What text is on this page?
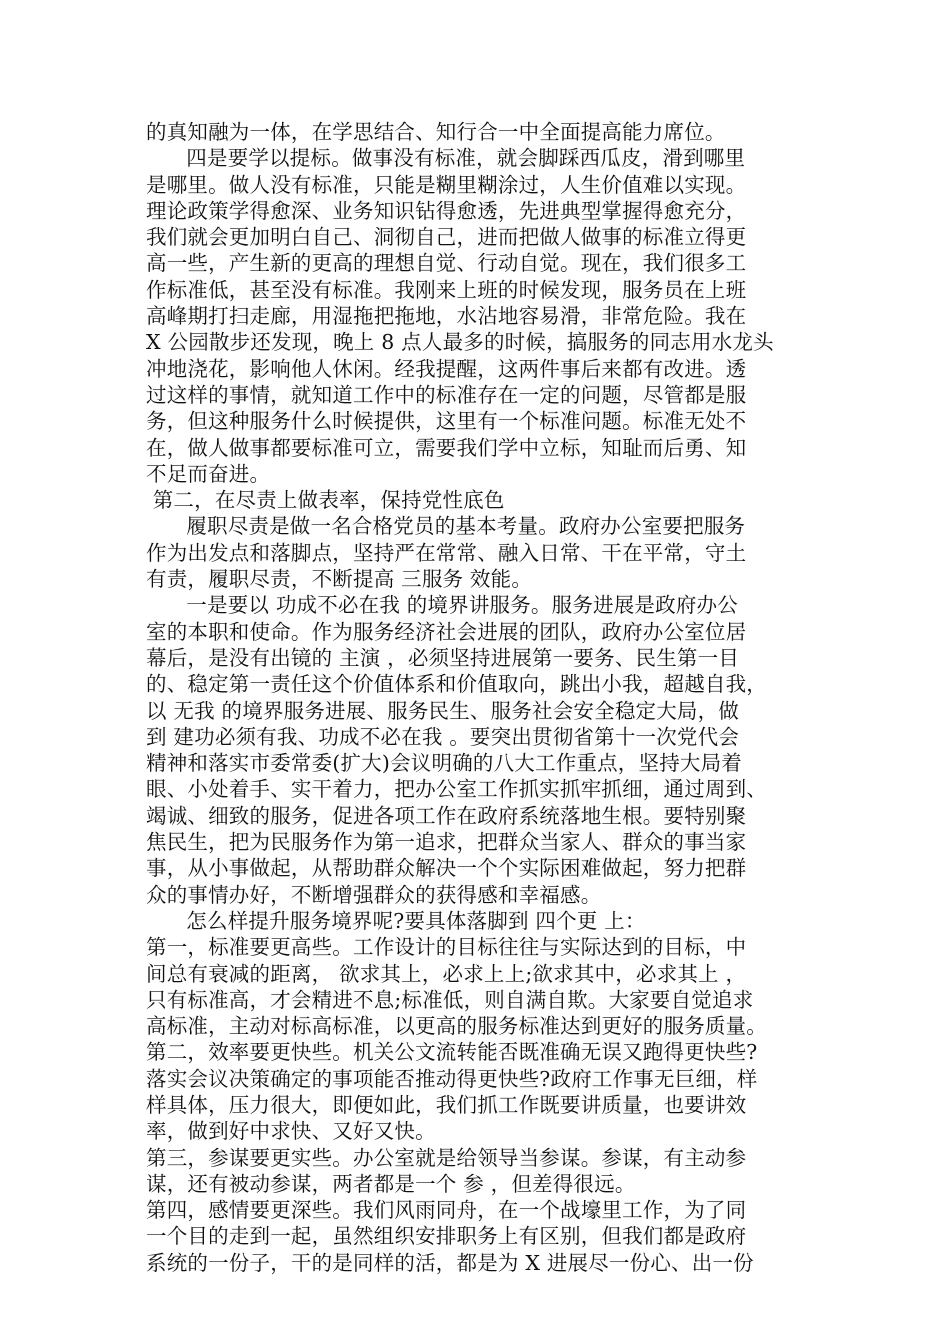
的真知融为一体，在学思结合、知行合一中全面提高能力席位。
四是要学以提标。做事没有标准，就会脚踩西瓜皮，滑到哪里
是哪里。做人没有标准，只能是糊里糊涂过，人生价值难以实现。
理论政策学得愈深、业务知识钻得愈透，先进典型掌握得愈充分，
我们就会更加明白自己、洞彻自己，进而把做人做事的标准立得更
高一些，产生新的更高的理想自觉、行动自觉。现在，我们很多工
作标准低，甚至没有标准。我刚来上班的时候发现，服务员在上班
高峰期打扫走廊，用湿拖把拖地，水沾地容易滑，非常危险。我在
X 公园散步还发现，晚上 8 点人最多的时候，搞服务的同志用水龙头
冲地浇花，影响他人休闲。经我提醒，这两件事后来都有改进。透
过这样的事情，就知道工作中的标准存在一定的问题，尽管都是服
务，但这种服务什么时候提供，这里有一个标准问题。标准无处不
在，做人做事都要标准可立，需要我们学中立标，知耻而后勇、知
不足而奋进。
第二，在尽责上做表率，保持党性底色
履职尽责是做一名合格党员的基本考量。政府办公室要把服务
作为出发点和落脚点，坚持严在常常、融入日常、干在平常，守土
有责，履职尽责，不断提高 三服务 效能。
一是要以 功成不必在我 的境界讲服务。服务进展是政府办公
室的本职和使命。作为服务经济社会进展的团队，政府办公室位居
幕后，是没有出镜的 主演 ，必须坚持进展第一要务、民生第一目
的、稳定第一责任这个价值体系和价值取向，跳出小我，超越自我，
以 无我 的境界服务进展、服务民生、服务社会安全稳定大局，做
到 建功必须有我、功成不必在我 。要突出贯彻省第十一次党代会
精神和落实市委常委(扩大)会议明确的八大工作重点，坚持大局着
眼、小处着手、实干着力，把办公室工作抓实抓牢抓细，通过周到、
竭诚、细致的服务，促进各项工作在政府系统落地生根。要特别聚
焦民生，把为民服务作为第一追求，把群众当家人、群众的事当家
事，从小事做起，从帮助群众解决一个个实际困难做起，努力把群
众的事情办好，不断增强群众的获得感和幸福感。
怎么样提升服务境界呢?要具体落脚到 四个更 上：
第一，标准要更高些。工作设计的目标往往与实际达到的目标，中
间总有衰减的距离， 欲求其上，必求上上;欲求其中，必求其上 ，
只有标准高，才会精进不息;标准低，则自满自欺。大家要自觉追求
高标准，主动对标高标准，以更高的服务标准达到更好的服务质量。
第二，效率要更快些。机关公文流转能否既准确无误又跑得更快些?
落实会议决策确定的事项能否推动得更快些?政府工作事无巨细，样
样具体，压力很大，即便如此，我们抓工作既要讲质量，也要讲效
率，做到好中求快、又好又快。
第三，参谋要更实些。办公室就是给领导当参谋。参谋，有主动参
谋，还有被动参谋，两者都是一个 参 ，但差得很远。
第四，感情要更深些。我们风雨同舟，在一个战壕里工作，为了同
一个目的走到一起，虽然组织安排职务上有区别，但我们都是政府
系统的一份子，干的是同样的活，都是为 X 进展尽一份心、出一份
